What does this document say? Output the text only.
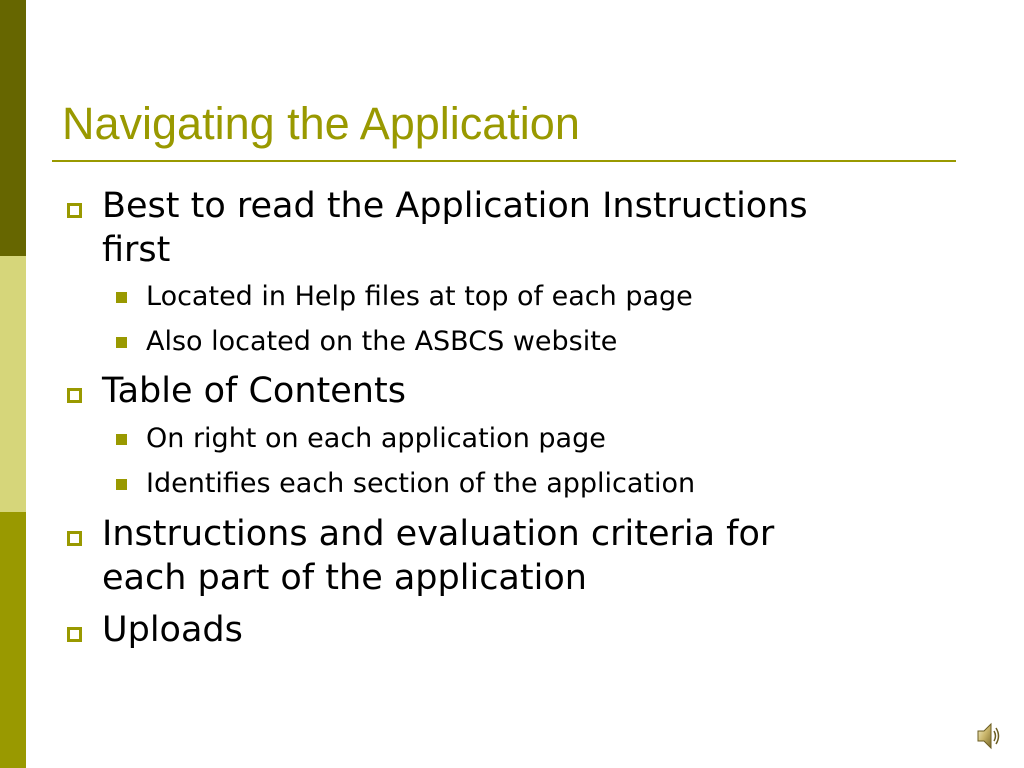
Navigating the Application
Best to read the Application Instructions
first
Located in Help files at top of each page
Also located on the ASBCS website
Table of Contents
On right on each application page
Identifies each section of the application
Instructions and evaluation criteria for
each part of the application
Uploads
